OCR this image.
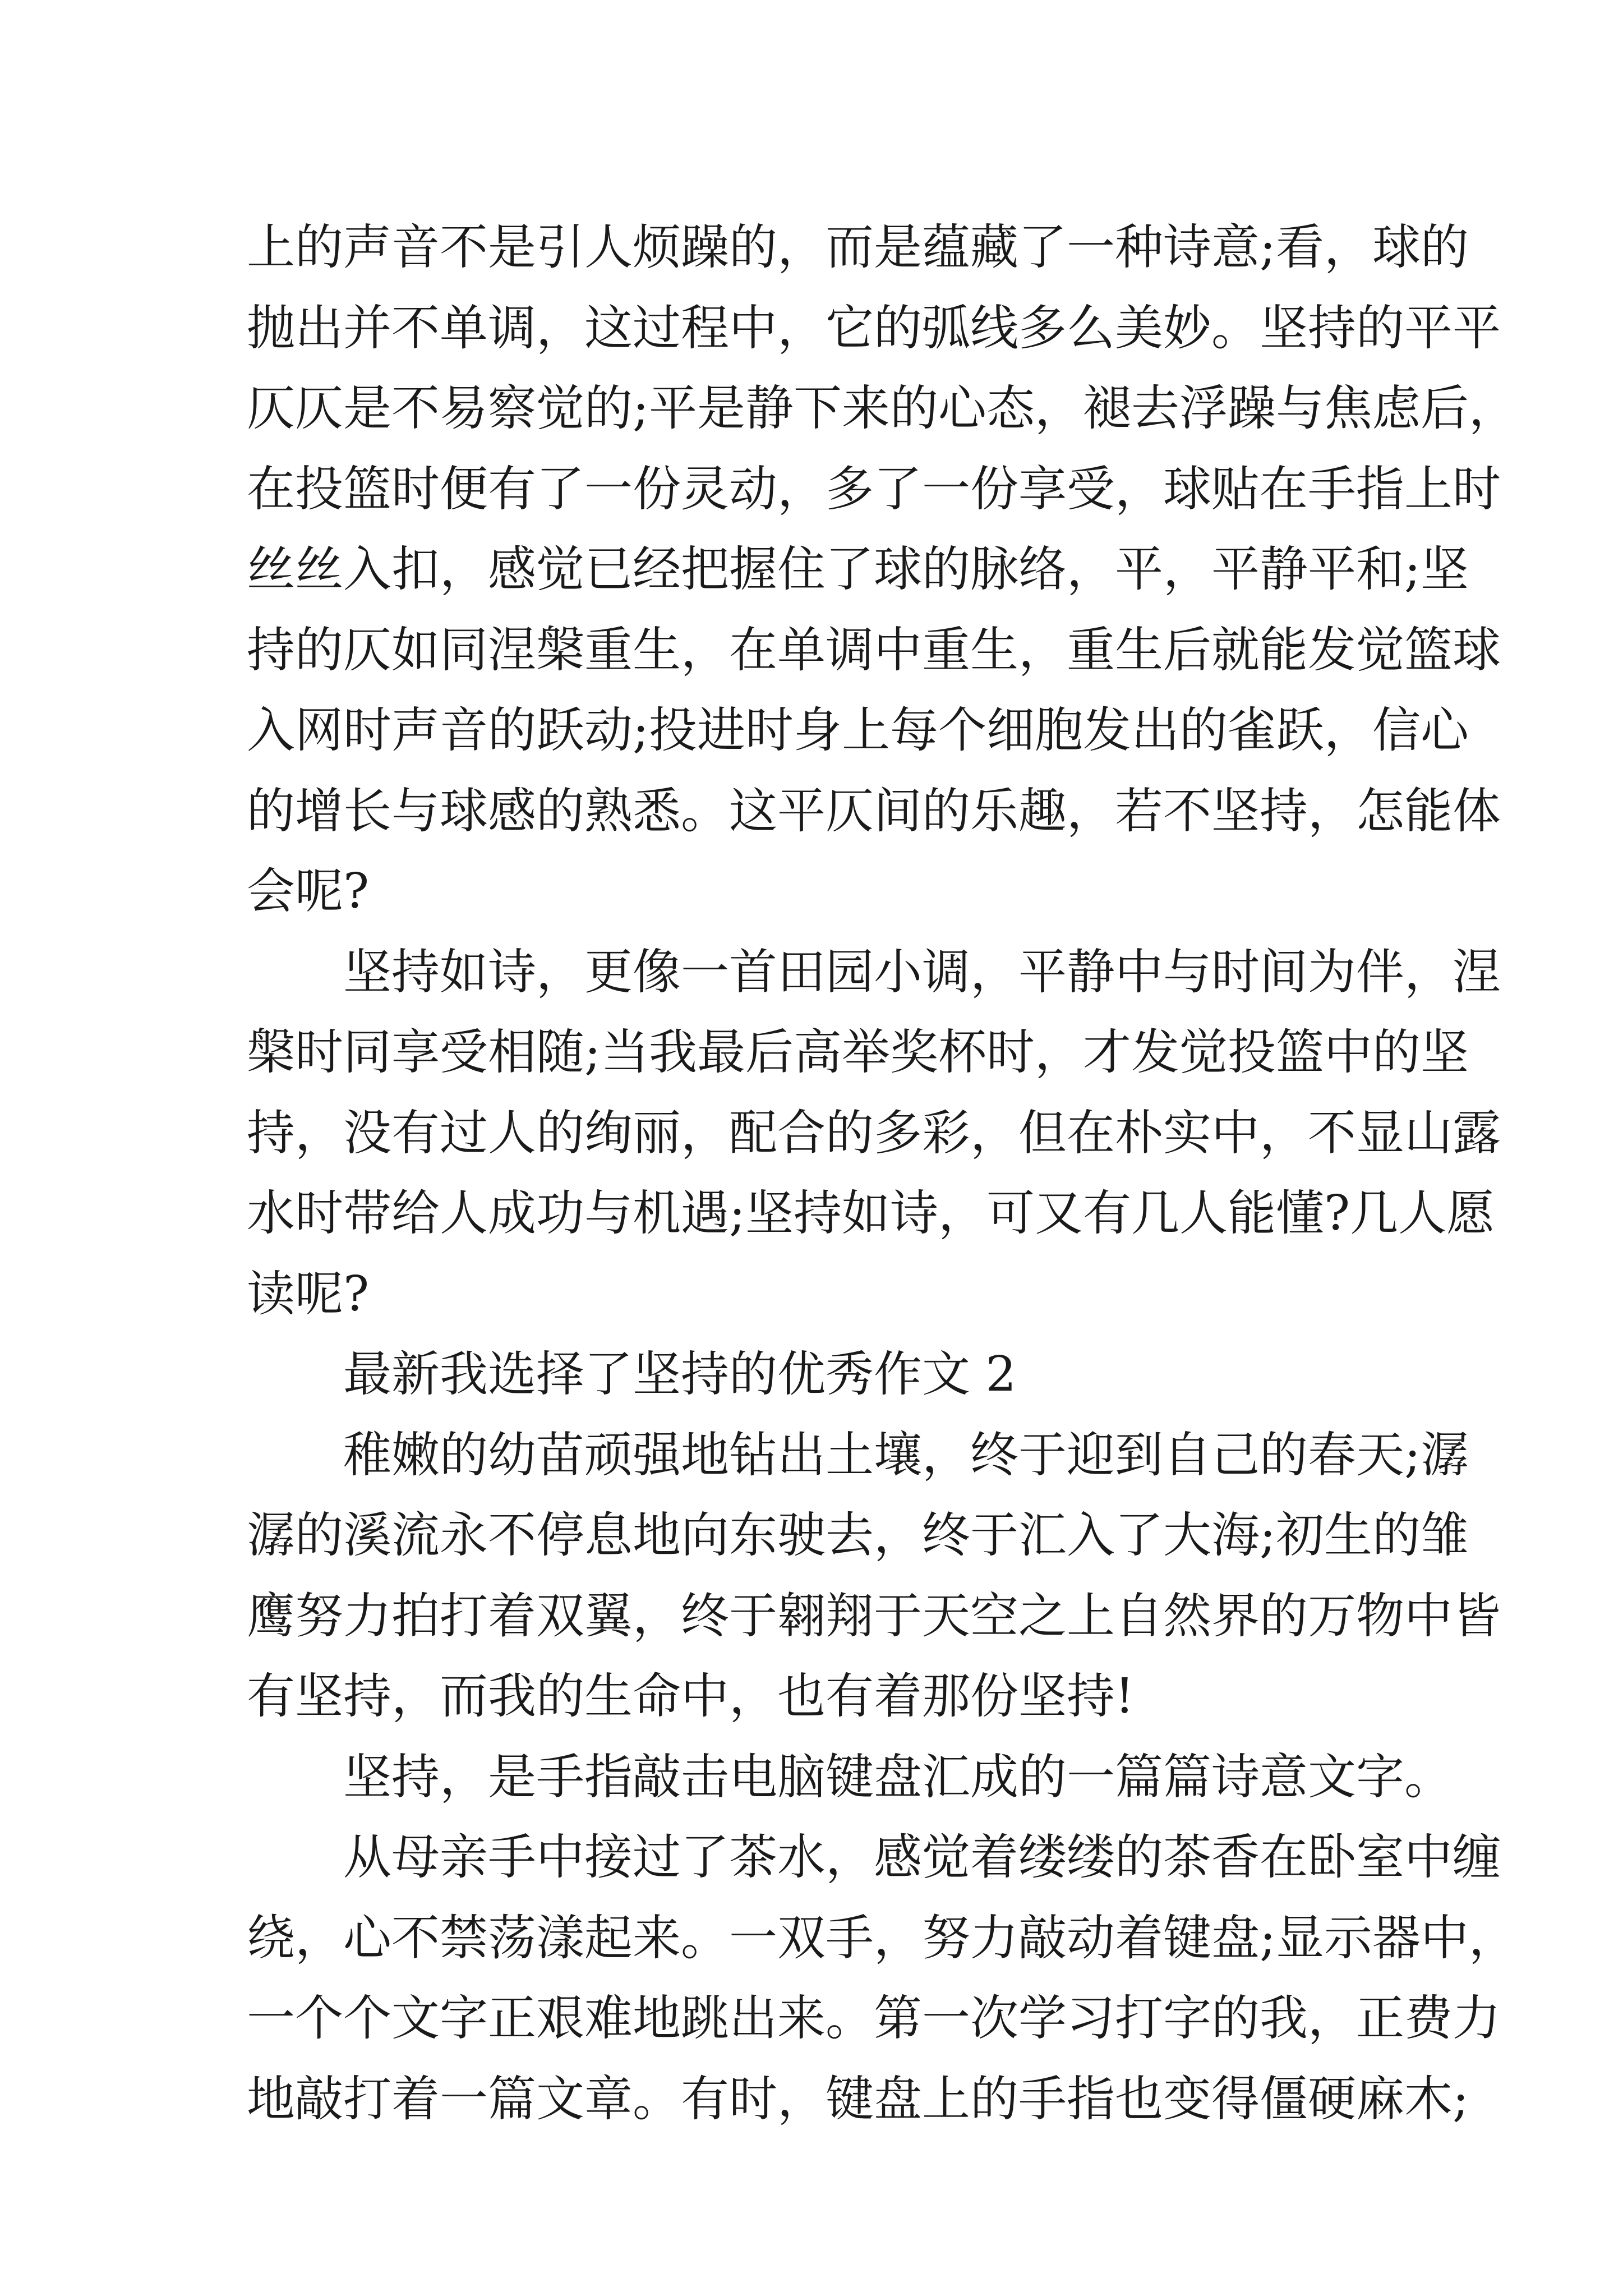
上的声音不是引人烦躁的，而是蕴藏了一种诗意;看，球的
抛出并不单调，这过程中，它的弧线多么美妙。坚持的平平
仄仄是不易察觉的;平是静下来的心态，褪去浮躁与焦虑后，
在投篮时便有了一份灵动，多了一份享受，球贴在手指上时
丝丝入扣，感觉已经把握住了球的脉络，平，平静平和;坚
持的仄如同涅槃重生，在单调中重生，重生后就能发觉篮球
入网时声音的跃动;投进时身上每个细胞发出的雀跃，信心
的增长与球感的熟悉。这平仄间的乐趣，若不坚持，怎能体
会呢?
　　坚持如诗，更像一首田园小调，平静中与时间为伴，涅
槃时同享受相随;当我最后高举奖杯时，才发觉投篮中的坚
持，没有过人的绚丽，配合的多彩，但在朴实中，不显山露
水时带给人成功与机遇;坚持如诗，可又有几人能懂?几人愿
读呢?
　　最新我选择了坚持的优秀作文 2
　　稚嫩的幼苗顽强地钻出土壤，终于迎到自己的春天;潺
潺的溪流永不停息地向东驶去，终于汇入了大海;初生的雏
鹰努力拍打着双翼，终于翱翔于天空之上自然界的万物中皆
有坚持，而我的生命中，也有着那份坚持!
　　坚持，是手指敲击电脑键盘汇成的一篇篇诗意文字。
　　从母亲手中接过了茶水，感觉着缕缕的茶香在卧室中缠
绕，心不禁荡漾起来。一双手，努力敲动着键盘;显示器中，
一个个文字正艰难地跳出来。第一次学习打字的我，正费力
地敲打着一篇文章。有时，键盘上的手指也变得僵硬麻木;
